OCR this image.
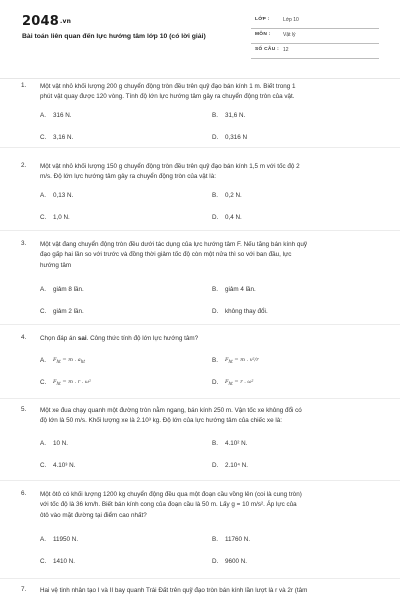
2048.vn
Bài toán liên quan đến lực hướng tâm lớp 10 (có lời giải)
LỚP :	Lớp 10
MÔN : Vật lý
SỐ CÂU : 12
1. Một vật nhỏ khối lượng 200 g chuyển động tròn đều trên quỹ đạo bán kính 1 m. Biết trong 1
phút vật quay được 120 vòng. Tính độ lớn lực hướng tâm gây ra chuyển động tròn của vật.
A. 316 N.	B. 31,6 N.
C. 3,16 N.	D. 0,316 N
2. Một vật nhỏ khối lượng 150 g chuyển động tròn đều trên quỹ đạo bán kính 1,5 m với tốc độ 2
m/s. Độ lớn lực hướng tâm gây ra chuyển động tròn của vật là:
A. 0,13 N.	B. 0,2 N.
C. 1,0 N.	D. 0,4 N.
3. Một vật đang chuyển động tròn đều dưới tác dụng của lực hướng tâm F. Nếu tăng bán kính quỹ
đạo gấp hai lần so với trước và đồng thời giảm tốc độ còn một nửa thì so với ban đầu, lực
hướng tâm
A. giảm 8 lần.	B. giảm 4 lần.
C. giảm 2 lần.	D. không thay đổi.
4. Chọn đáp án sai. Công thức tính độ lớn lực hướng tâm?
A. $F_{ht} = m$ . $a_{ht}$	B. $F_{ht} = m$ . v²/r
C. $F_{ht} = m$ . r . ω²	D. $F_{ht} = r$ . ω²
5. Một xe đua chạy quanh một đường tròn nằm ngang, bán kính 250 m. Vận tốc xe không đổi có
độ lớn là 50 m/s. Khối lượng xe là 2.10³ kg. Độ lớn của lực hướng tâm của chiếc xe là:
A. 10 N.	B. 4.10² N.
C. 4.10³ N.	D. 2.10⁴ N.
6. Một ôtô có khối lượng 1200 kg chuyển động đều qua một đoạn cầu vồng lên (coi là cung tròn)
với tốc độ là 36 km/h. Biết bán kính cong của đoạn cầu là 50 m. Lấy g = 10 m/s². Áp lực của
ôtô vào mặt đường tại điểm cao nhất?
A. 11950 N.	B. 11760 N.
C. 1410 N.	D. 9600 N.
7. Hai vệ tinh nhân tạo I và II bay quanh Trái Đất trên quỹ đạo tròn bán kính lần lượt là r và 2r (tâm
